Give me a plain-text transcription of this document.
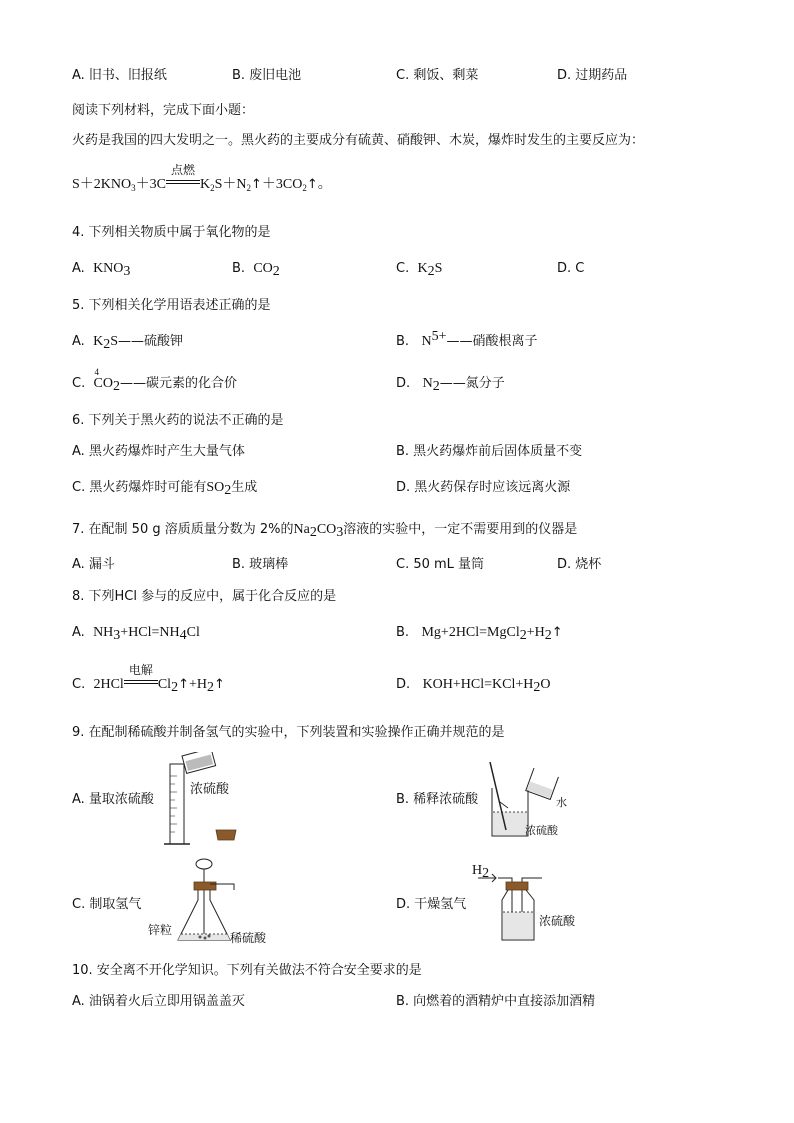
A. 旧书、旧报纸	B. 废旧电池	C. 剩饭、剩菜	D. 过期药品
阅读下列材料，完成下面小题：
火药是我国的四大发明之一。黑火药的主要成分有硫黄、硝酸钾、木炭，爆炸时发生的主要反应为：
$S+2KNO_3+3C$
点燃
$K_2S+N_2↑+3CO_2↑$。
4. 下列相关物质中属于氧化物的是
A. $KNO_3$	B. $CO_2$	C. $K_2S$	D. C
5. 下列相关化学用语表述正确的是
A. $K_2S——$硫酸钾	B. $N^{5+}——$硝酸根离子
C.
4
$CO_2——$碳元素的化合价	D. $N_2——$氮分子
6. 下列关于黑火药的说法不正确的是
A. 黑火药爆炸时产生大量气体	B. 黑火药爆炸前后固体质量不变
C. 黑火药爆炸时可能有$SO_2$生成	D. 黑火药保存时应该远离火源
7. 在配制 50 g 溶质质量分数为 2%的$Na_2CO_3$溶液的实验中，一定不需要用到的仪器是
A. 漏斗	B. 玻璃棒	C. 50 mL 量筒	D. 烧杯
8. 下列HCl 参与的反应中，属于化合反应的是
A. $NH_3+HCl=NH_4Cl$	B. $Mg+2HCl=MgCl_2+H_2↑$
C. 2HCl
电解
$Cl_2↑+H_2↑$	D. $KOH+HCl=KCl+H_2O$
9. 在配制稀硫酸并制备氢气的实验中，下列装置和实验操作正确并规范的是
A. 量取浓硫酸
浓硫酸
B. 稀释浓硫酸	水
浓硫酸
C. 制取氢气
锌粒
稀硫酸
D. 干燥氢气
$H_2$
浓硫酸
10. 安全离不开化学知识。下列有关做法不符合安全要求的是
A. 油锅着火后立即用锅盖盖灭	B. 向燃着的酒精炉中直接添加酒精
